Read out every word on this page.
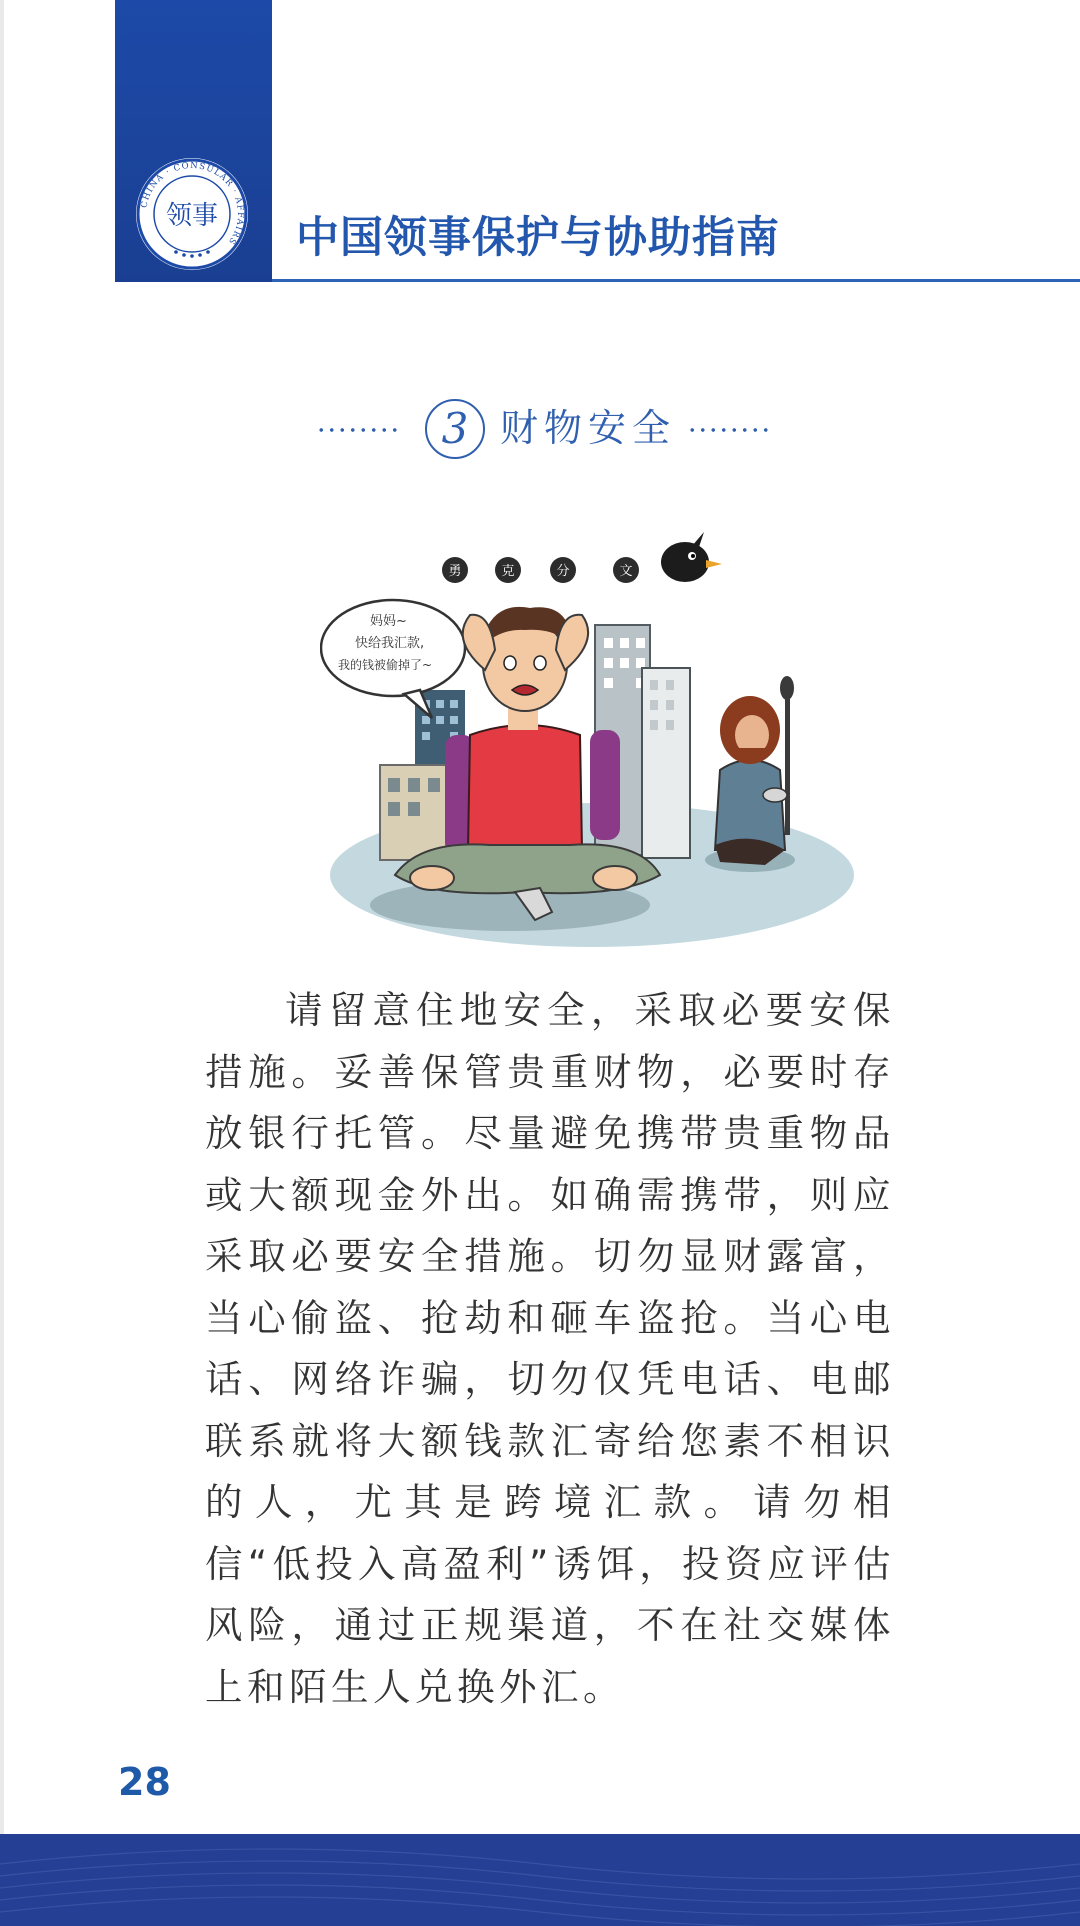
CHINA · CONSULAR · AFFAIRS
领事 中国领事保护与协助指南
3 财物安全
勇	克	分	文
妈妈~
快给我汇款,
我的钱被偷掉了~

请留意住地安全，采取必要安保措施。妥善保管贵重财物，必要时存放银行托管。尽量避免携带贵重物品或大额现金外出。如确需携带，则应采取必要安全措施。切勿显财露富，当心偷盗、抢劫和砸车盗抢。当心电话、网络诈骗，切勿仅凭电话、电邮联系就将大额钱款汇寄给您素不相识的人，尤其是跨境汇款。请勿相信“低投入高盈利”诱饵，投资应评估风险，通过正规渠道，不在社交媒体上和陌生人兑换外汇。

28
